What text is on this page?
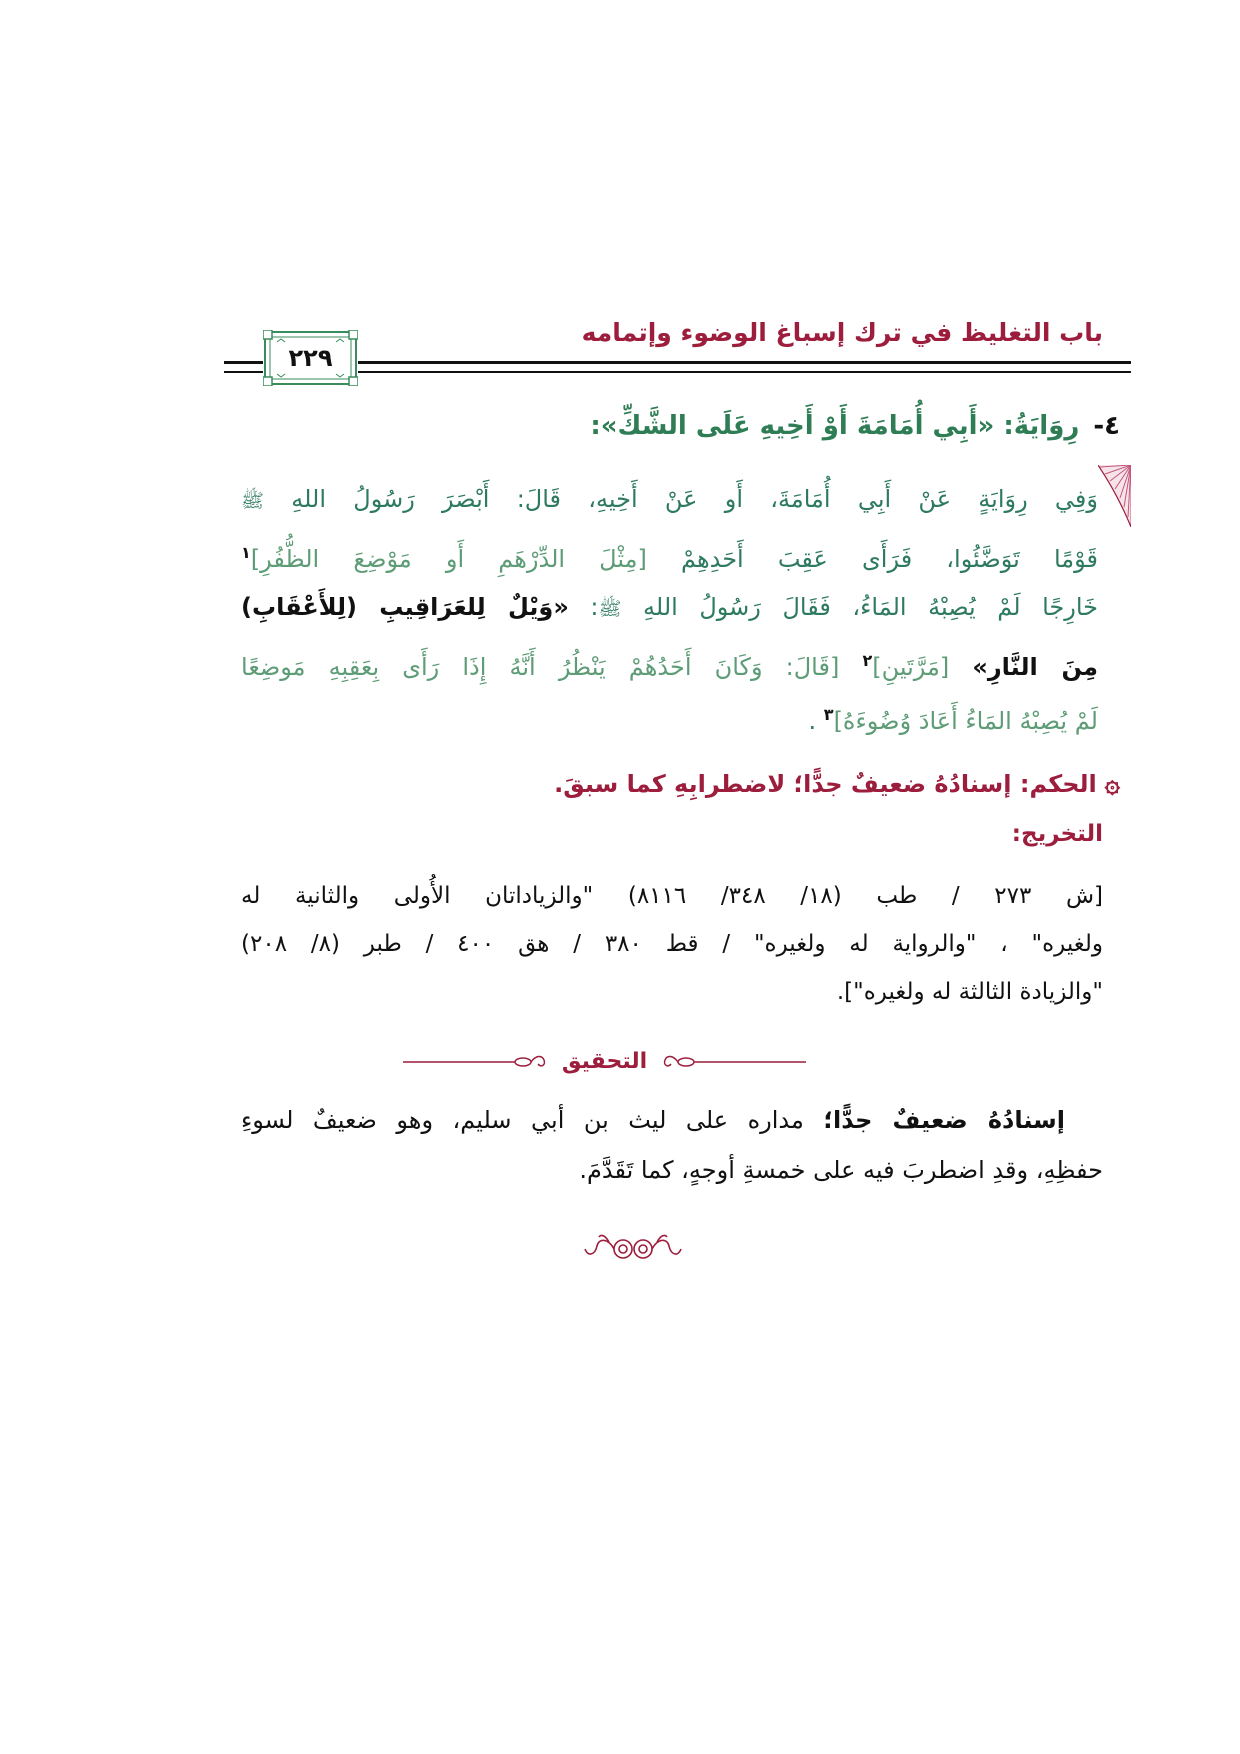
باب التغليظ في ترك إسباغ الوضوء وإتمامه
٢٢٩
٤-رِوَايَةُ: «أَبِي أُمَامَةَ أَوْ أَخِيهِ عَلَى الشَّكِّ»:
وَفِي رِوَايَةٍ عَنْ أَبِي أُمَامَةَ، أَو عَنْ أَخِيهِ، قَالَ: أَبْصَرَ رَسُولُ اللهِ ﷺ
قَوْمًا تَوَضَّئُوا، فَرَأَى عَقِبَ أَحَدِهِمْ [مِثْلَ الدِّرْهَمِ أَو مَوْضِعَ الظُّفُرِ]$^١$
خَارِجًا لَمْ يُصِبْهُ المَاءُ، فَقَالَ رَسُولُ اللهِ ﷺ: «وَيْلٌ لِلعَرَاقِيبِ (لِلأَعْقَابِ)
مِنَ النَّارِ» [مَرَّتَينِ]$^٢$ [قَالَ: وَكَانَ أَحَدُهُمْ يَنْظُرُ أَنَّهُ إِذَا رَأَى بِعَقِبِهِ مَوضِعًا
لَمْ يُصِبْهُ المَاءُ أَعَادَ وُضُوءَهُ]$^٣$ .
۞الحكم: إسنادُهُ ضعيفٌ جدًّا؛ لاضطرابِهِ كما سبقَ.
التخريج:
[ش ٢٧٣ / طب (١٨/ ٣٤٨/ ٨١١٦) "والزياداتان الأُولى والثانية له
ولغيره" ، "والرواية له ولغيره" / قط ٣٨٠ / هق ٤٠٠ / طبر (٨/ ٢٠٨)
"والزيادة الثالثة له ولغيره"].
التحقيق
إسنادُهُ ضعيفٌ جدًّا؛ مداره على ليث بن أبي سليم، وهو ضعيفٌ لسوءِ
حفظِهِ، وقدِ اضطربَ فيه على خمسةِ أوجهٍ، كما تَقَدَّمَ.
